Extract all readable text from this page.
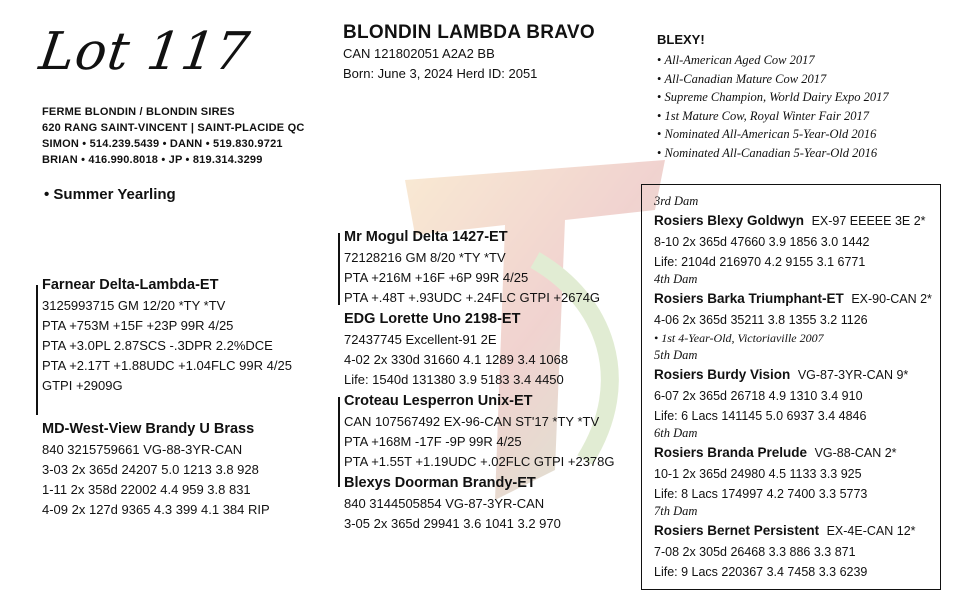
Lot 117
FERME BLONDIN / BLONDIN SIRES
620 RANG SAINT-VINCENT | SAINT-PLACIDE QC
SIMON • 514.239.5439 • DANN • 519.830.9721
BRIAN • 416.990.8018 • JP • 819.314.3299
• Summer Yearling
BLONDIN LAMBDA BRAVO
CAN 121802051 A2A2 BB
Born: June 3, 2024 Herd ID: 2051
BLEXY!
• All-American Aged Cow 2017
• All-Canadian Mature Cow 2017
• Supreme Champion, World Dairy Expo 2017
• 1st Mature Cow, Royal Winter Fair 2017
• Nominated All-American 5-Year-Old 2016
• Nominated All-Canadian 5-Year-Old 2016
Farnear Delta-Lambda-ET
3125993715 GM 12/20 *TY *TV
PTA +753M +15F +23P 99R 4/25
PTA +3.0PL 2.87SCS -.3DPR 2.2%DCE
PTA +2.17T +1.88UDC +1.04FLC 99R 4/25
GTPI +2909G
MD-West-View Brandy U Brass
840 3215759661 VG-88-3YR-CAN
3-03 2x 365d 24207 5.0 1213 3.8 928
1-11 2x 358d 22002 4.4 959 3.8 831
4-09 2x 127d 9365 4.3 399 4.1 384 RIP
Mr Mogul Delta 1427-ET
72128216 GM 8/20 *TY *TV
PTA +216M +16F +6P 99R 4/25
PTA +.48T +.93UDC +.24FLC GTPI +2674G
EDG Lorette Uno 2198-ET
72437745 Excellent-91 2E
4-02 2x 330d 31660 4.1 1289 3.4 1068
Life: 1540d 131380 3.9 5183 3.4 4450
Croteau Lesperron Unix-ET
CAN 107567492 EX-96-CAN ST'17 *TY *TV
PTA +168M -17F -9P 99R 4/25
PTA +1.55T +1.19UDC +.02FLC GTPI +2378G
Blexys Doorman Brandy-ET
840 3144505854 VG-87-3YR-CAN
3-05 2x 365d 29941 3.6 1041 3.2 970
3rd Dam
Rosiers Blexy Goldwyn EX-97 EEEEE 3E 2*
8-10 2x 365d 47660 3.9 1856 3.0 1442
Life: 2104d 216970 4.2 9155 3.1 6771
4th Dam
Rosiers Barka Triumphant-ET EX-90-CAN 2*
4-06 2x 365d 35211 3.8 1355 3.2 1126
• 1st 4-Year-Old, Victoriaville 2007
5th Dam
Rosiers Burdy Vision VG-87-3YR-CAN 9*
6-07 2x 365d 26718 4.9 1310 3.4 910
Life: 6 Lacs 141145 5.0 6937 3.4 4846
6th Dam
Rosiers Branda Prelude VG-88-CAN 2*
10-1 2x 365d 24980 4.5 1133 3.3 925
Life: 8 Lacs 174997 4.2 7400 3.3 5773
7th Dam
Rosiers Bernet Persistent EX-4E-CAN 12*
7-08 2x 305d 26468 3.3 886 3.3 871
Life: 9 Lacs 220367 3.4 7458 3.3 6239
